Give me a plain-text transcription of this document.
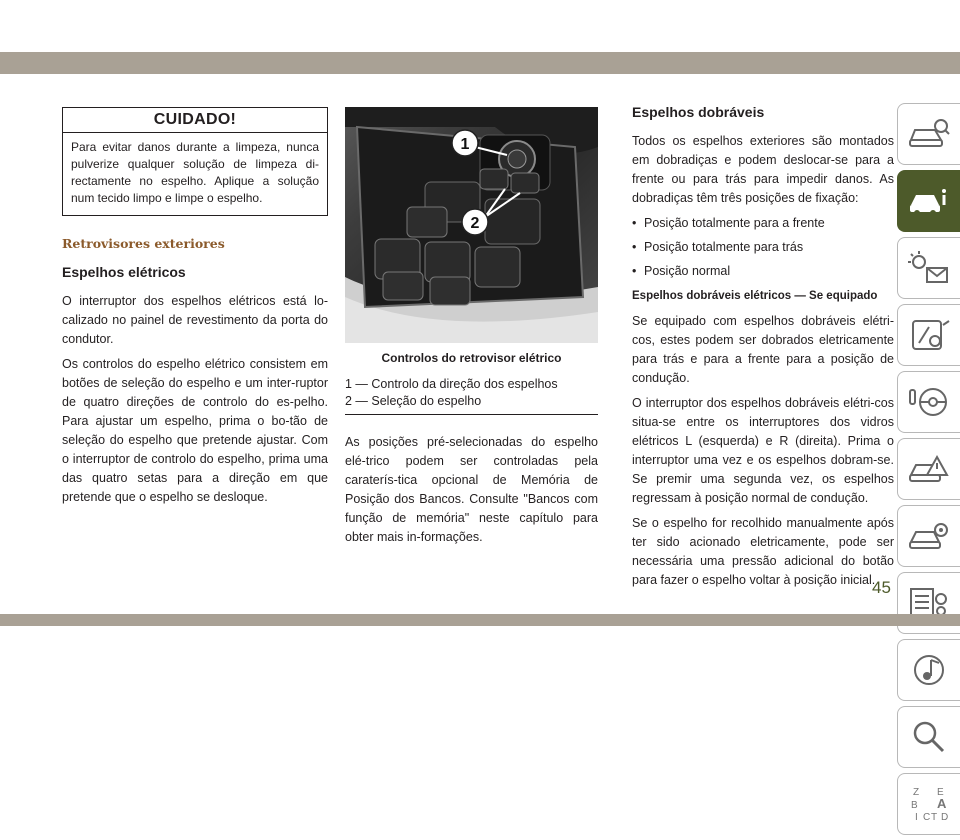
CUIDADO!
Para evitar danos durante a limpeza, nunca pulverize qualquer solução de limpeza di-rectamente no espelho. Aplique a solução num tecido limpo e limpe o espelho.
Retrovisores exteriores
Espelhos elétricos

O interruptor dos espelhos elétricos está lo-calizado no painel de revestimento da porta do condutor.

Os controlos do espelho elétrico consistem em botões de seleção do espelho e um inter-ruptor de quatro direções de controlo do es-pelho. Para ajustar um espelho, prima o bo-tão de seleção do espelho que pretende ajustar. Com o interruptor de controlo do espelho, prima uma das quatro setas para a direção em que pretende que o espelho se desloque.

1
2
Controlos do retrovisor elétrico
1 — Controlo da direção dos espelhos
2 — Seleção do espelho

As posições pré-selecionadas do espelho elé-trico podem ser controladas pela caraterís-tica opcional de Memória de Posição dos Bancos. Consulte "Bancos com função de memória" neste capítulo para obter mais in-formações.

Espelhos dobráveis

Todos os espelhos exteriores são montados em dobradiças e podem deslocar-se para a frente ou para trás para impedir danos. As dobradiças têm três posições de fixação:

• Posição totalmente para a frente
• Posição totalmente para trás
• Posição normal
Espelhos dobráveis elétricos — Se equipado

Se equipado com espelhos dobráveis elétri-cos, estes podem ser dobrados eletricamente para trás e para a frente para a posição de condução.

O interruptor dos espelhos dobráveis elétri-cos situa-se entre os interruptores dos vidros elétricos L (esquerda) e R (direita). Prima o interruptor uma vez e os espelhos dobram-se. Se premir uma segunda vez, os espelhos regressam à posição normal de condução.

Se o espelho for recolhido manualmente após ter sido acionado eletricamente, pode ser necessária uma pressão adicional do botão para fazer o espelho voltar à posição inicial.

Z E
B A
I C T D
45
